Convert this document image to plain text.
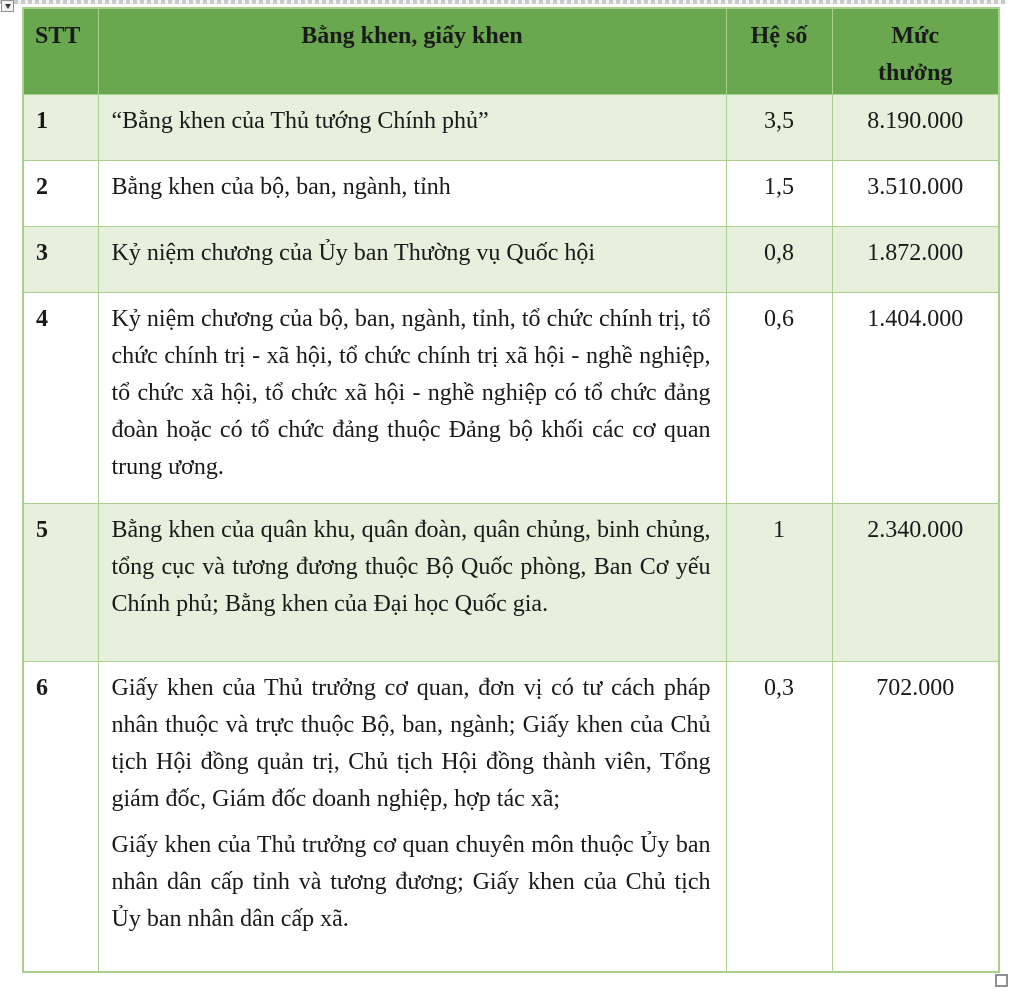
STT	Bằng khen, giấy khen	Hệ số	Mức thưởng
1	“Bằng khen của Thủ tướng Chính phủ”	3,5	8.190.000
2	Bằng khen của bộ, ban, ngành, tỉnh	1,5	3.510.000
3	Kỷ niệm chương của Ủy ban Thường vụ Quốc hội	0,8	1.872.000
4	Kỷ niệm chương của bộ, ban, ngành, tỉnh, tổ chức chính trị, tổ chức chính trị - xã hội, tổ chức chính trị xã hội - nghề nghiệp, tổ chức xã hội, tổ chức xã hội - nghề nghiệp có tổ chức đảng đoàn hoặc có tổ chức đảng thuộc Đảng bộ khối các cơ quan trung ương.	0,6	1.404.000
5	Bằng khen của quân khu, quân đoàn, quân chủng, binh chủng, tổng cục và tương đương thuộc Bộ Quốc phòng, Ban Cơ yếu Chính phủ; Bằng khen của Đại học Quốc gia.	1	2.340.000
6	Giấy khen của Thủ trưởng cơ quan, đơn vị có tư cách pháp nhân thuộc và trực thuộc Bộ, ban, ngành; Giấy khen của Chủ tịch Hội đồng quản trị, Chủ tịch Hội đồng thành viên, Tổng giám đốc, Giám đốc doanh nghiệp, hợp tác xã;

Giấy khen của Thủ trưởng cơ quan chuyên môn thuộc Ủy ban nhân dân cấp tỉnh và tương đương; Giấy khen của Chủ tịch Ủy ban nhân dân cấp xã.	0,3	702.000
